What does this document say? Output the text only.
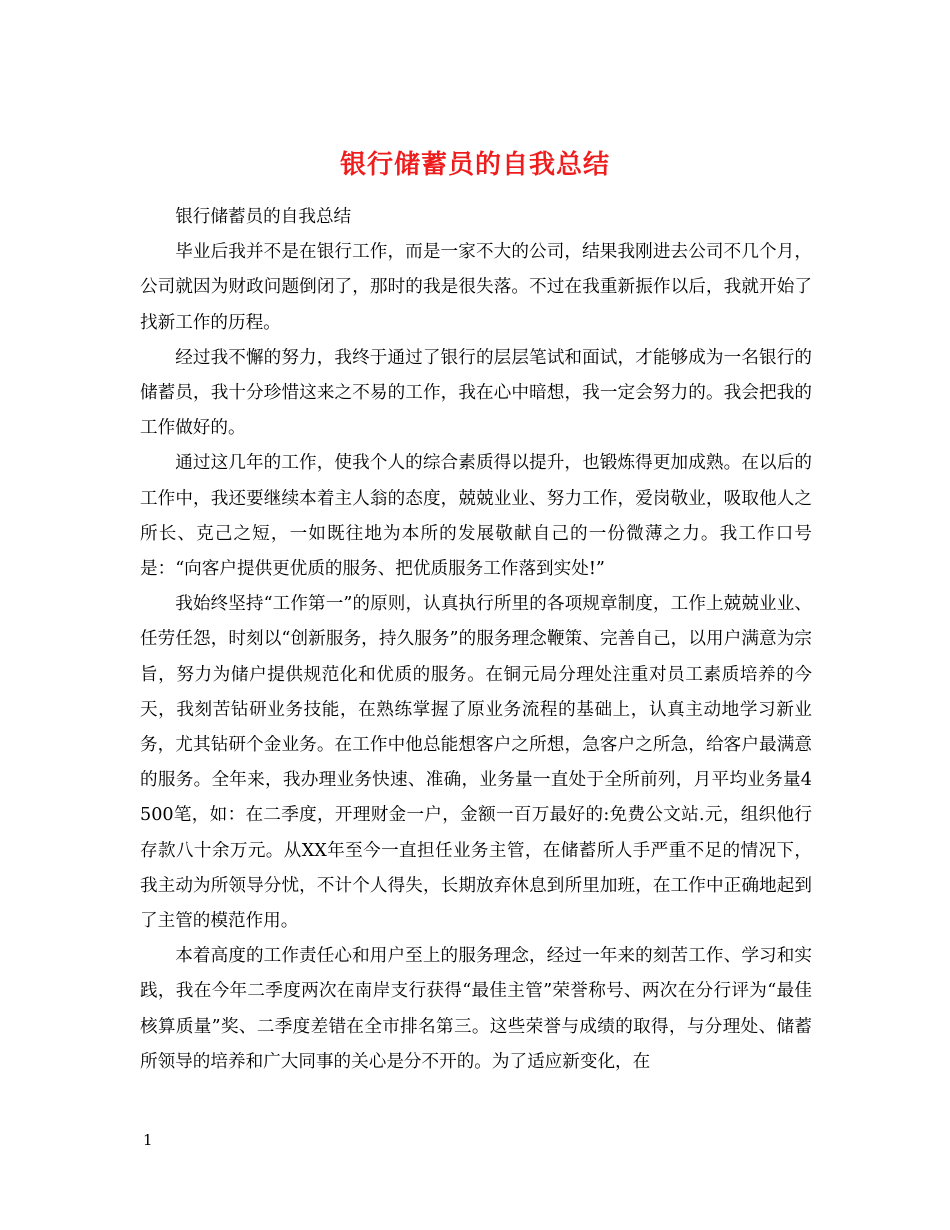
银行储蓄员的自我总结

银行储蓄员的自我总结

毕业后我并不是在银行工作，而是一家不大的公司，结果我刚进去公司不几个月，公司就因为财政问题倒闭了，那时的我是很失落。不过在我重新振作以后，我就开始了找新工作的历程。

经过我不懈的努力，我终于通过了银行的层层笔试和面试，才能够成为一名银行的储蓄员，我十分珍惜这来之不易的工作，我在心中暗想，我一定会努力的。我会把我的工作做好的。

通过这几年的工作，使我个人的综合素质得以提升，也锻炼得更加成熟。在以后的工作中，我还要继续本着主人翁的态度，兢兢业业、努力工作，爱岗敬业，吸取他人之所长、克己之短，一如既往地为本所的发展敬献自己的一份微薄之力。我工作口号是：“向客户提供更优质的服务、把优质服务工作落到实处!”

我始终坚持“工作第一”的原则，认真执行所里的各项规章制度，工作上兢兢业业、任劳任怨，时刻以“创新服务，持久服务”的服务理念鞭策、完善自己，以用户满意为宗旨，努力为储户提供规范化和优质的服务。在铜元局分理处注重对员工素质培养的今天，我刻苦钻研业务技能，在熟练掌握了原业务流程的基础上，认真主动地学习新业务，尤其钻研个金业务。在工作中他总能想客户之所想，急客户之所急，给客户最满意的服务。全年来，我办理业务快速、准确，业务量一直处于全所前列，月平均业务量4500笔，如：在二季度，开理财金一户，金额一百万最好的:免费公文站.元，组织他行存款八十余万元。从XX年至今一直担任业务主管，在储蓄所人手严重不足的情况下，我主动为所领导分忧，不计个人得失，长期放弃休息到所里加班，在工作中正确地起到了主管的模范作用。

本着高度的工作责任心和用户至上的服务理念，经过一年来的刻苦工作、学习和实践，我在今年二季度两次在南岸支行获得“最佳主管”荣誉称号、两次在分行评为“最佳核算质量”奖、二季度差错在全市排名第三。这些荣誉与成绩的取得，与分理处、储蓄所领导的培养和广大同事的关心是分不开的。为了适应新变化，在

1
